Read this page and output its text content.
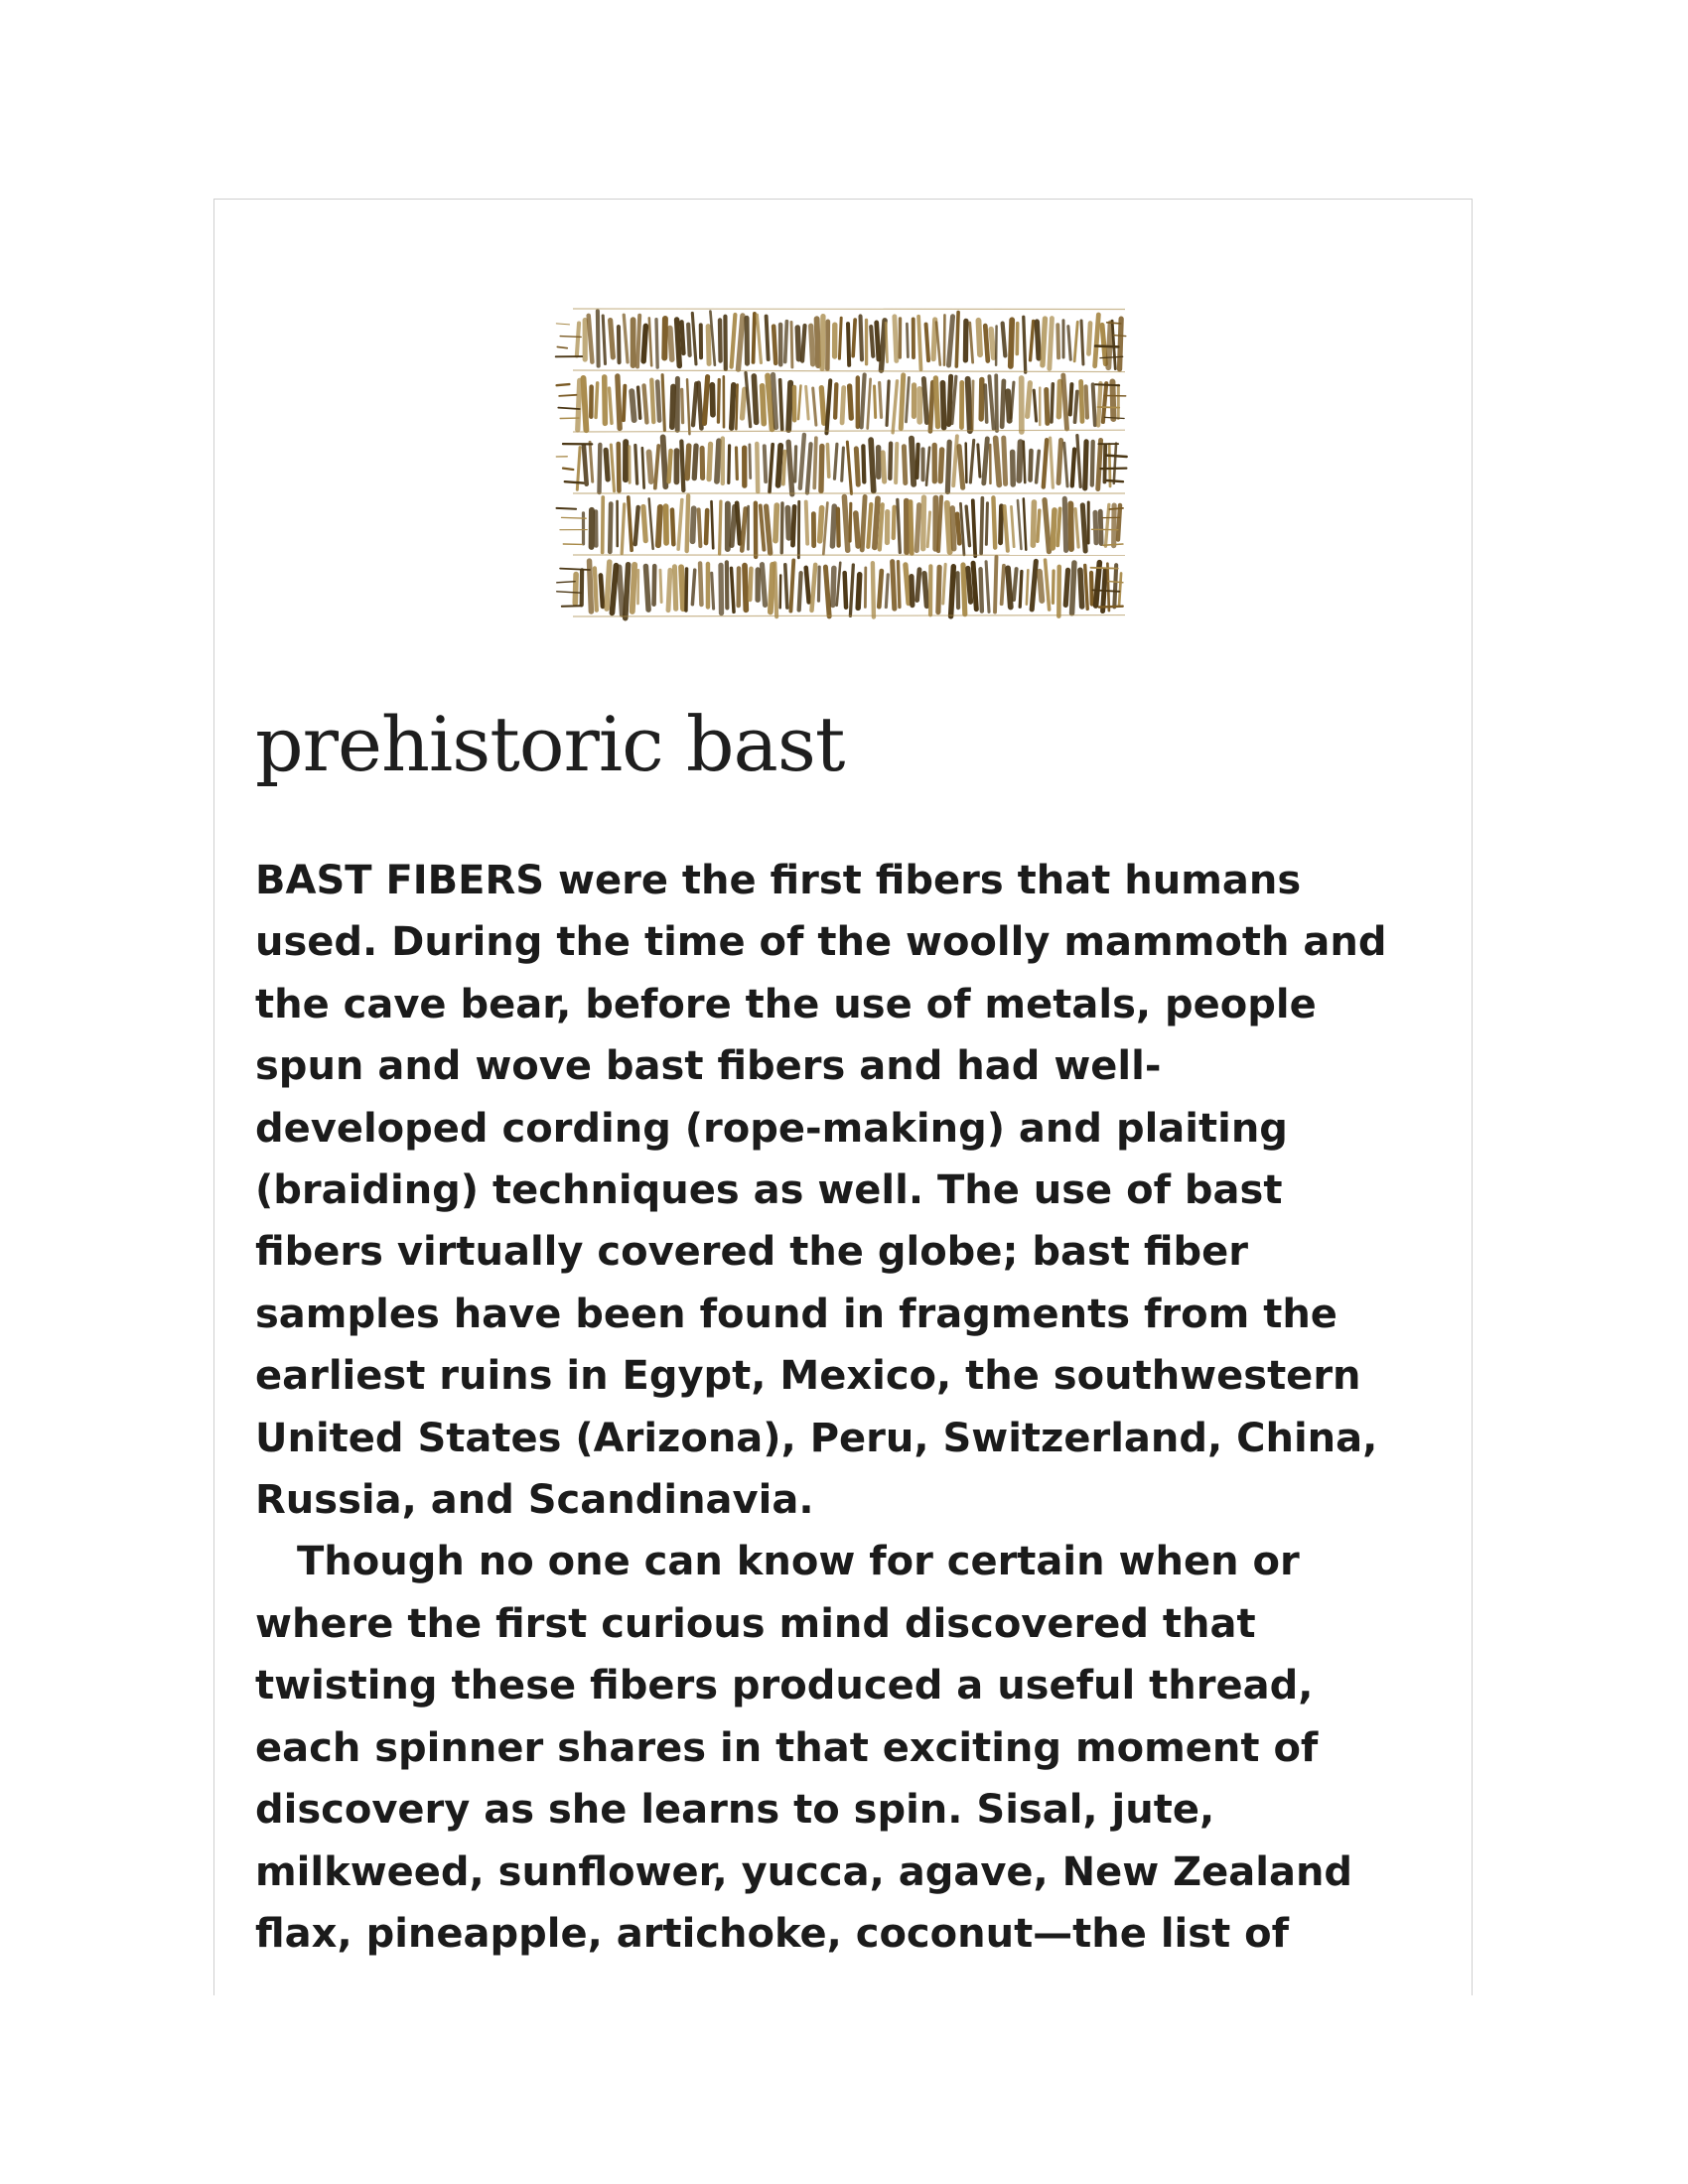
prehistoric bast
BAST FIBERS were the first fibers that humans
used. During the time of the woolly mammoth and
the cave bear, before the use of metals, people
spun and wove bast fibers and had well-
developed cording (rope-making) and plaiting
(braiding) techniques as well. The use of bast
fibers virtually covered the globe; bast fiber
samples have been found in fragments from the
earliest ruins in Egypt, Mexico, the southwestern
United States (Arizona), Peru, Switzerland, China,
Russia, and Scandinavia.
Though no one can know for certain when or
where the first curious mind discovered that
twisting these fibers produced a useful thread,
each spinner shares in that exciting moment of
discovery as she learns to spin. Sisal, jute,
milkweed, sunflower, yucca, agave, New Zealand
flax, pineapple, artichoke, coconut—the list of
